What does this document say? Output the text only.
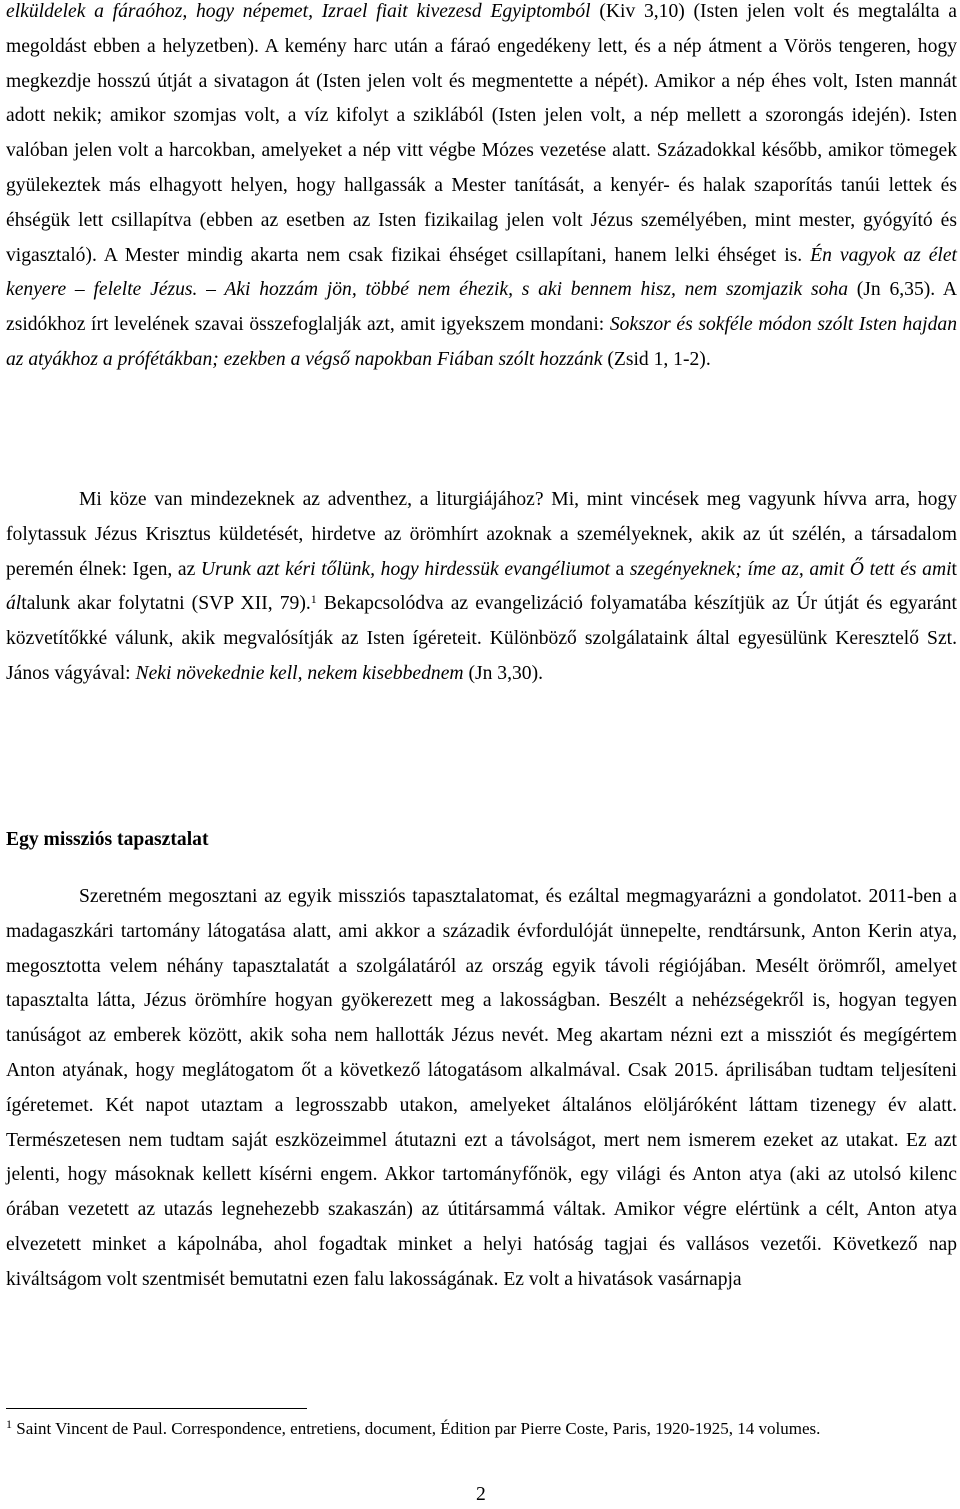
elküldelek a fáraóhoz, hogy népemet, Izrael fiait kivezesd Egyiptomból (Kiv 3,10) (Isten jelen volt és megtalálta a megoldást ebben a helyzetben). A kemény harc után a fáraó engedékeny lett, és a nép átment a Vörös tengeren, hogy megkezdje hosszú útját a sivatagon át (Isten jelen volt és megmentette a népét). Amikor a nép éhes volt, Isten mannát adott nekik; amikor szomjas volt, a víz kifolyt a sziklából (Isten jelen volt, a nép mellett a szorongás idején). Isten valóban jelen volt a harcokban, amelyeket a nép vitt végbe Mózes vezetése alatt. Századokkal később, amikor tömegek gyülekeztek más elhagyott helyen, hogy hallgassák a Mester tanítását, a kenyér- és halak szaporítás tanúi lettek és éhségük lett csillapítva (ebben az esetben az Isten fizikailag jelen volt Jézus személyében, mint mester, gyógyító és vigasztaló). A Mester mindig akarta nem csak fizikai éhséget csillapítani, hanem lelki éhséget is. Én vagyok az élet kenyere – felelte Jézus. – Aki hozzám jön, többé nem éhezik, s aki bennem hisz, nem szomjazik soha (Jn 6,35). A zsidókhoz írt levelének szavai összefoglalják azt, amit igyekszem mondani: Sokszor és sokféle módon szólt Isten hajdan az atyákhoz a prófétákban; ezekben a végső napokban Fiában szólt hozzánk (Zsid 1, 1-2).

Mi köze van mindezeknek az adventhez, a liturgiájához? Mi, mint vincések meg vagyunk hívva arra, hogy folytassuk Jézus Krisztus küldetését, hirdetve az örömhírt azoknak a személyeknek, akik az út szélén, a társadalom peremén élnek: Igen, az Urunk azt kéri tőlünk, hogy hirdessük evangéliumot a szegényeknek; íme az, amit Ő tett és amit általunk akar folytatni (SVP XII, 79).$^1$ Bekapcsolódva az evangelizáció folyamatába készítjük az Úr útját és egyaránt közvetítőkké válunk, akik megvalósítják az Isten ígéreteit. Különböző szolgálataink által egyesülünk Keresztelő Szt. János vágyával: Neki növekednie kell, nekem kisebbednem (Jn 3,30).

Egy missziós tapasztalat

Szeretném megosztani az egyik missziós tapasztalatomat, és ezáltal megmagyarázni a gondolatot. 2011-ben a madagaszkári tartomány látogatása alatt, ami akkor a századik évfordulóját ünnepelte, rendtársunk, Anton Kerin atya, megosztotta velem néhány tapasztalatát a szolgálatáról az ország egyik távoli régiójában. Mesélt örömről, amelyet tapasztalta látta, Jézus örömhíre hogyan gyökerezett meg a lakosságban. Beszélt a nehézségekről is, hogyan tegyen tanúságot az emberek között, akik soha nem hallották Jézus nevét. Meg akartam nézni ezt a missziót és megígértem Anton atyának, hogy meglátogatom őt a következő látogatásom alkalmával. Csak 2015. áprilisában tudtam teljesíteni ígéretemet. Két napot utaztam a legrosszabb utakon, amelyeket általános elöljáróként láttam tizenegy év alatt. Természetesen nem tudtam saját eszközeimmel átutazni ezt a távolságot, mert nem ismerem ezeket az utakat. Ez azt jelenti, hogy másoknak kellett kísérni engem. Akkor tartományfőnök, egy világi és Anton atya (aki az utolsó kilenc órában vezetett az utazás legnehezebb szakaszán) az útitársammá váltak. Amikor végre elértünk a célt, Anton atya elvezetett minket a kápolnába, ahol fogadtak minket a helyi hatóság tagjai és vallásos vezetői. Következő nap kiváltságom volt szentmisét bemutatni ezen falu lakosságának. Ez volt a hivatások vasárnapja

$^1$ Saint Vincent de Paul. Correspondence, entretiens, document, Édition par Pierre Coste, Paris, 1920-1925, 14 volumes.

2
